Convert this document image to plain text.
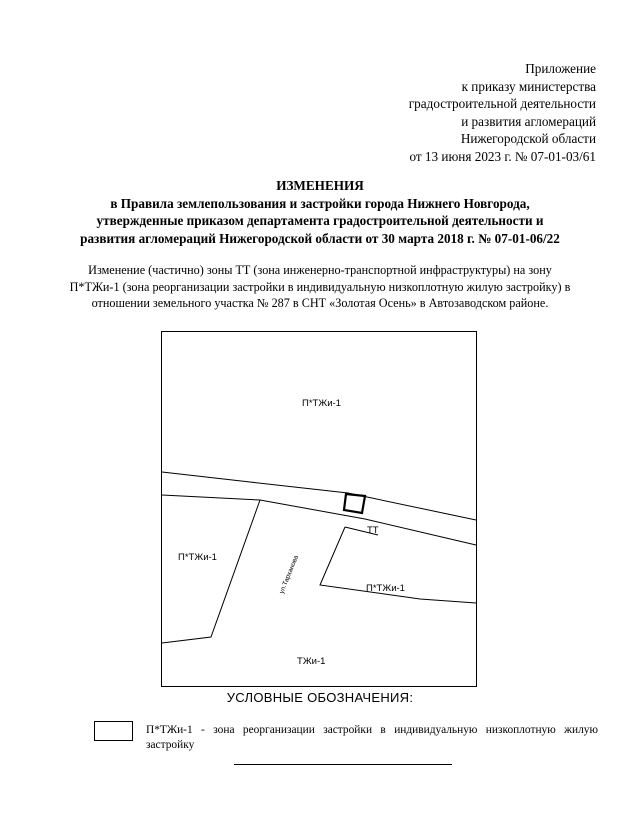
Приложение
к приказу министерства
градостроительной деятельности
и развития агломераций
Нижегородской области
от 13 июня 2023 г. № 07-01-03/61
ИЗМЕНЕНИЯ
в Правила землепользования и застройки города Нижнего Новгорода,
утвержденные приказом департамента градостроительной деятельности и
развития агломераций Нижегородской области от 30 марта 2018 г. № 07-01-06/22
Изменение (частично) зоны ТТ (зона инженерно-транспортной инфраструктуры) на зону
П*ТЖи-1 (зона реорганизации застройки в индивидуальную низкоплотную жилую застройку) в
отношении земельного участка № 287 в СНТ «Золотая Осень» в Автозаводском районе.
П*ТЖи-1
П*ТЖи-1
П*ТЖи-1
ТТ
ТЖи-1
ул.Тарханова
УСЛОВНЫЕ ОБОЗНАЧЕНИЯ:
П*ТЖи-1 - зона реорганизации застройки в индивидуальную низкоплотную жилую застройку
